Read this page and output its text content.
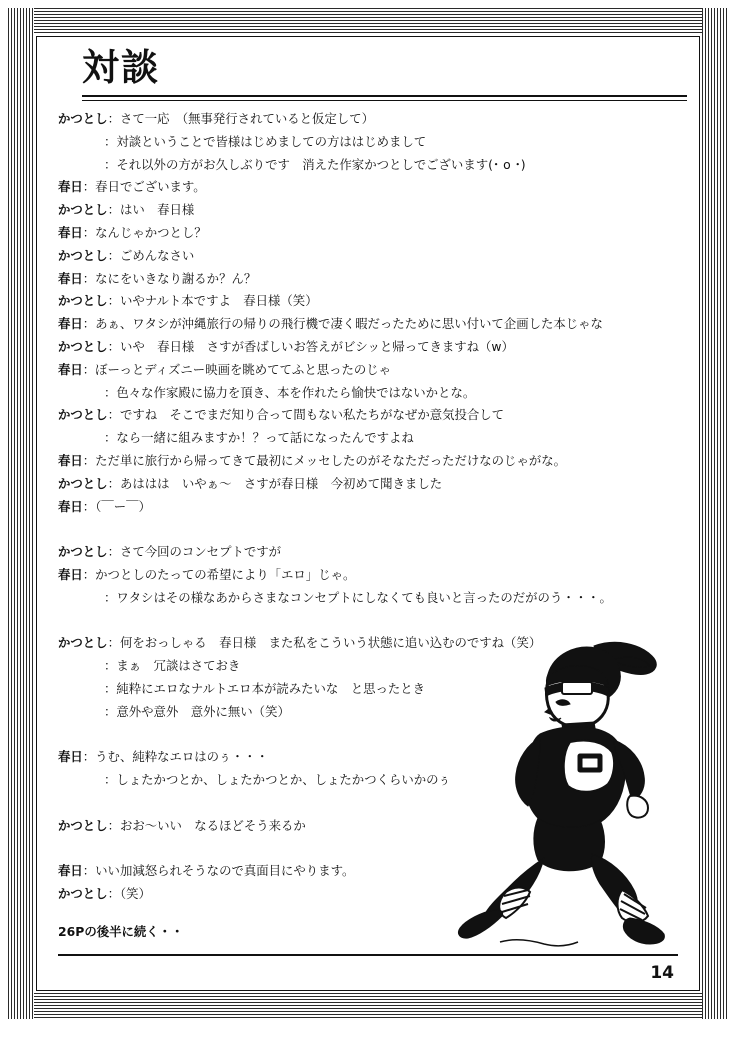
対談
かつとし：さて一応　（無事発行されていると仮定して）
：対談ということで皆様はじめましての方ははじめまして
：それ以外の方がお久しぶりです　消えた作家かつとしでございます(･ o ･)
春日：春日でございます。
かつとし：はい　春日様
春日：なんじゃかつとし？
かつとし：ごめんなさい
春日：なにをいきなり謝るか？ん？
かつとし：いやナルト本ですよ　春日様（笑）
春日：あぁ、ワタシが沖縄旅行の帰りの飛行機で凄く暇だったために思い付いて企画した本じゃな
かつとし：いや　春日様　さすが香ばしいお答えがビシッと帰ってきますね（w）
春日：ぼーっとディズニー映画を眺めててふと思ったのじゃ
：色々な作家殿に協力を頂き、本を作れたら愉快ではないかとな。
かつとし：ですね　そこでまだ知り合って間もない私たちがなぜか意気投合して
：なら一緒に組みますか！？って話になったんですよね
春日：ただ単に旅行から帰ってきて最初にメッセしたのがそなただっただけなのじゃがな。
かつとし：あははは　いやぁ〜　さすが春日様　今初めて聞きました
春日：（￣ー￣）
かつとし：さて今回のコンセプトですが
春日：かつとしのたっての希望により「エロ」じゃ。
：ワタシはその様なあからさまなコンセプトにしなくても良いと言ったのだがのう・・・。
かつとし：何をおっしゃる　春日様　また私をこういう状態に追い込むのですね（笑）
：まぁ　冗談はさておき
：純粋にエロなナルトエロ本が読みたいな　と思ったとき
：意外や意外　意外に無い（笑）
春日：うむ、純粋なエロはのぅ・・・
：しょたかつとか、しょたかつとか、しょたかつくらいかのぅ
かつとし：おお〜いい　なるほどそう来るか
春日：いい加減怒られそうなので真面目にやります。
かつとし：（笑）
26Pの後半に続く・・
14
